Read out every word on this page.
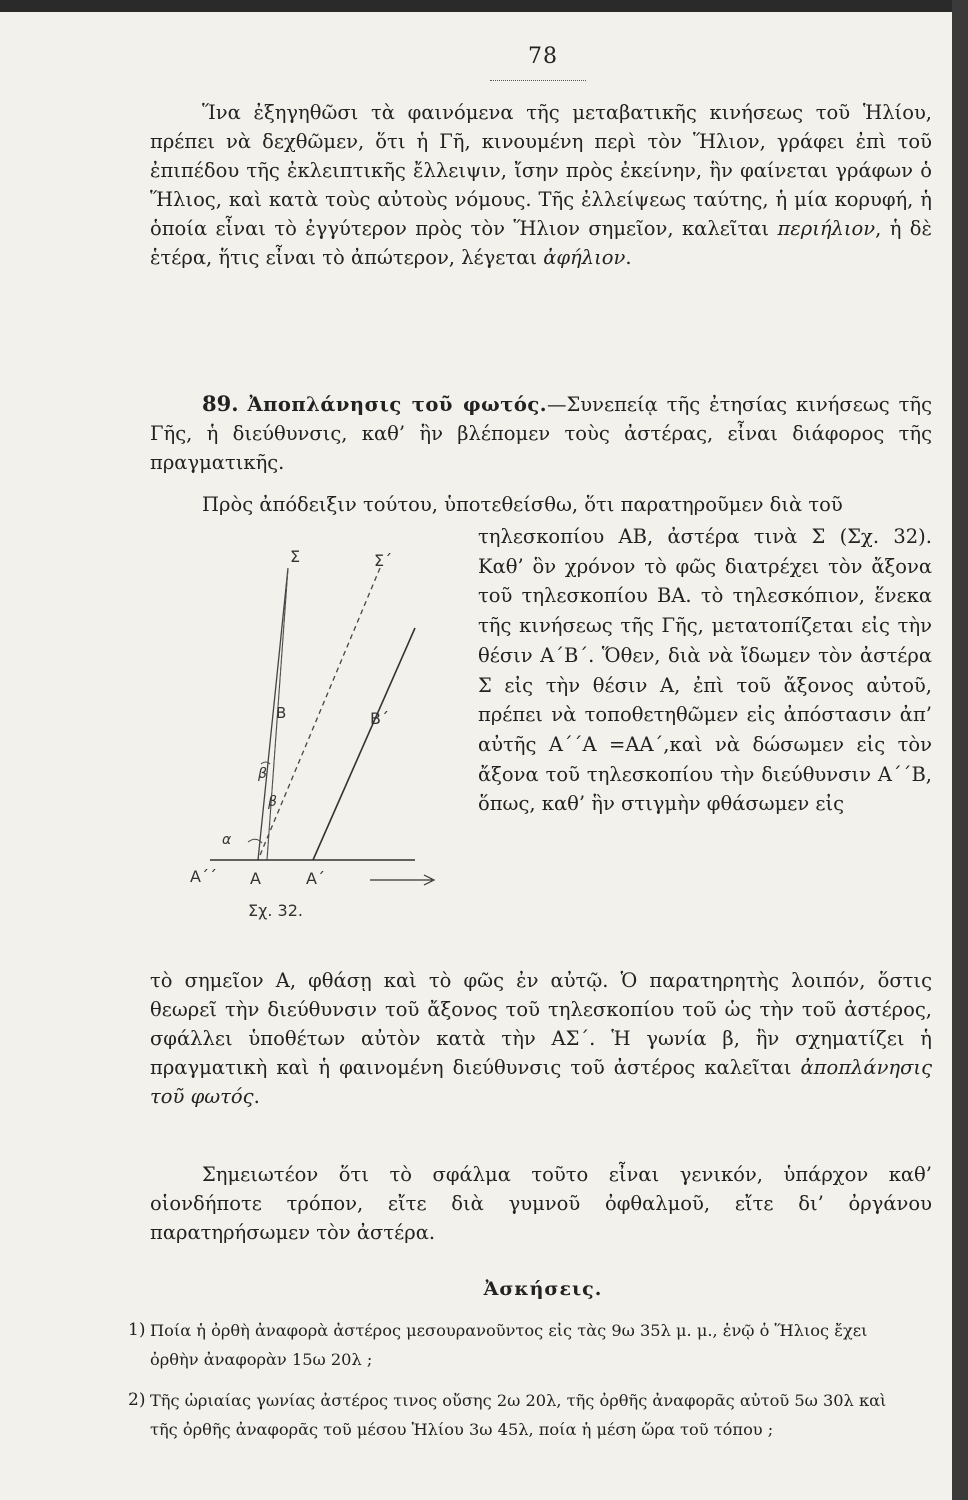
78

Ἵνα ἐξηγηθῶσι τὰ φαινόμενα τῆς μεταβατικῆς κινήσεως τοῦ Ἡλίου, πρέπει νὰ δεχθῶμεν, ὅτι ἡ Γῆ, κινουμένη περὶ τὸν Ἥλιον, γράφει ἐπὶ τοῦ ἐπιπέδου τῆς ἐκλειπτικῆς ἔλλειψιν, ἴσην πρὸς ἐκείνην, ἣν φαίνεται γράφων ὁ Ἥλιος, καὶ κατὰ τοὺς αὐτοὺς νόμους. Τῆς ἐλλείψεως ταύτης, ἡ μία κορυφή, ἡ ὁποία εἶναι τὸ ἐγγύτερον πρὸς τὸν Ἥλιον σημεῖον, καλεῖται περιήλιον, ἡ δὲ ἑτέρα, ἥτις εἶναι τὸ ἀπώτερον, λέγεται ἀφήλιον.

89. Ἀποπλάνησις τοῦ φωτός.—Συνεπείᾳ τῆς ἐτησίας κινήσεως τῆς Γῆς, ἡ διεύθυνσις, καθ’ ἣν βλέπομεν τοὺς ἀστέρας, εἶναι διάφορος τῆς πραγματικῆς.

Πρὸς ἀπόδειξιν τούτου, ὑποτεθείσθω, ὅτι παρατηροῦμεν διὰ τοῦ

τηλεσκοπίου ΑΒ, ἀστέρα τινὰ Σ (Σχ. 32). Καθ’ ὃν χρόνον τὸ φῶς διατρέχει τὸν ἄξονα τοῦ τηλεσκοπίου ΒΑ. τὸ τηλεσκόπιον, ἕνεκα τῆς κινήσεως τῆς Γῆς, μετατοπίζεται εἰς τὴν θέσιν Α΄Β΄. Ὅθεν, διὰ νὰ ἴδωμεν τὸν ἀστέρα Σ εἰς τὴν θέσιν Α, ἐπὶ τοῦ ἄξονος αὐτοῦ, πρέπει νὰ τοποθετηθῶμεν εἰς ἀπόστασιν ἀπ’ αὐτῆς Α΄΄Α =ΑΑ΄,καὶ νὰ δώσωμεν εἰς τὸν ἄξονα τοῦ τηλεσκοπίου τὴν διεύθυνσιν Α΄΄Β, ὅπως, καθ’ ἣν στιγμὴν φθάσωμεν εἰς

Σ	Σ΄
Β	Β΄
β
β
α
Α΄΄ Α	Α΄
Σχ. 32.

τὸ σημεῖον Α, φθάσῃ καὶ τὸ φῶς ἐν αὐτῷ. Ὁ παρατηρητὴς λοιπόν, ὅστις θεωρεῖ τὴν διεύθυνσιν τοῦ ἄξονος τοῦ τηλεσκοπίου τοῦ ὡς τὴν τοῦ ἀστέρος, σφάλλει ὑποθέτων αὐτὸν κατὰ τὴν ΑΣ΄. Ἡ γωνία β, ἣν σχηματίζει ἡ πραγματικὴ καὶ ἡ φαινομένη διεύθυνσις τοῦ ἀστέρος καλεῖται ἀποπλάνησις τοῦ φωτός.

Σημειωτέον ὅτι τὸ σφάλμα τοῦτο εἶναι γενικόν, ὑπάρχον καθ’ οἱονδήποτε τρόπον, εἴτε διὰ γυμνοῦ ὀφθαλμοῦ, εἴτε δι’ ὀργάνου παρατηρήσωμεν τὸν ἀστέρα.

Ἀσκήσεις.
1) Ποία ἡ ὀρθὴ ἀναφορὰ ἀστέρος μεσουρανοῦντος εἰς τὰς 9ω 35λ μ. μ., ἐνῷ ὁ Ἥλιος ἔχει ὀρθὴν ἀναφορὰν 15ω 20λ ;
2) Τῆς ὡριαίας γωνίας ἀστέρος τινος οὔσης 2ω 20λ, τῆς ὀρθῆς ἀναφορᾶς αὐτοῦ 5ω 30λ καὶ τῆς ὀρθῆς ἀναφορᾶς τοῦ μέσου Ἡλίου 3ω 45λ, ποία ἡ μέση ὥρα τοῦ τόπου ;
